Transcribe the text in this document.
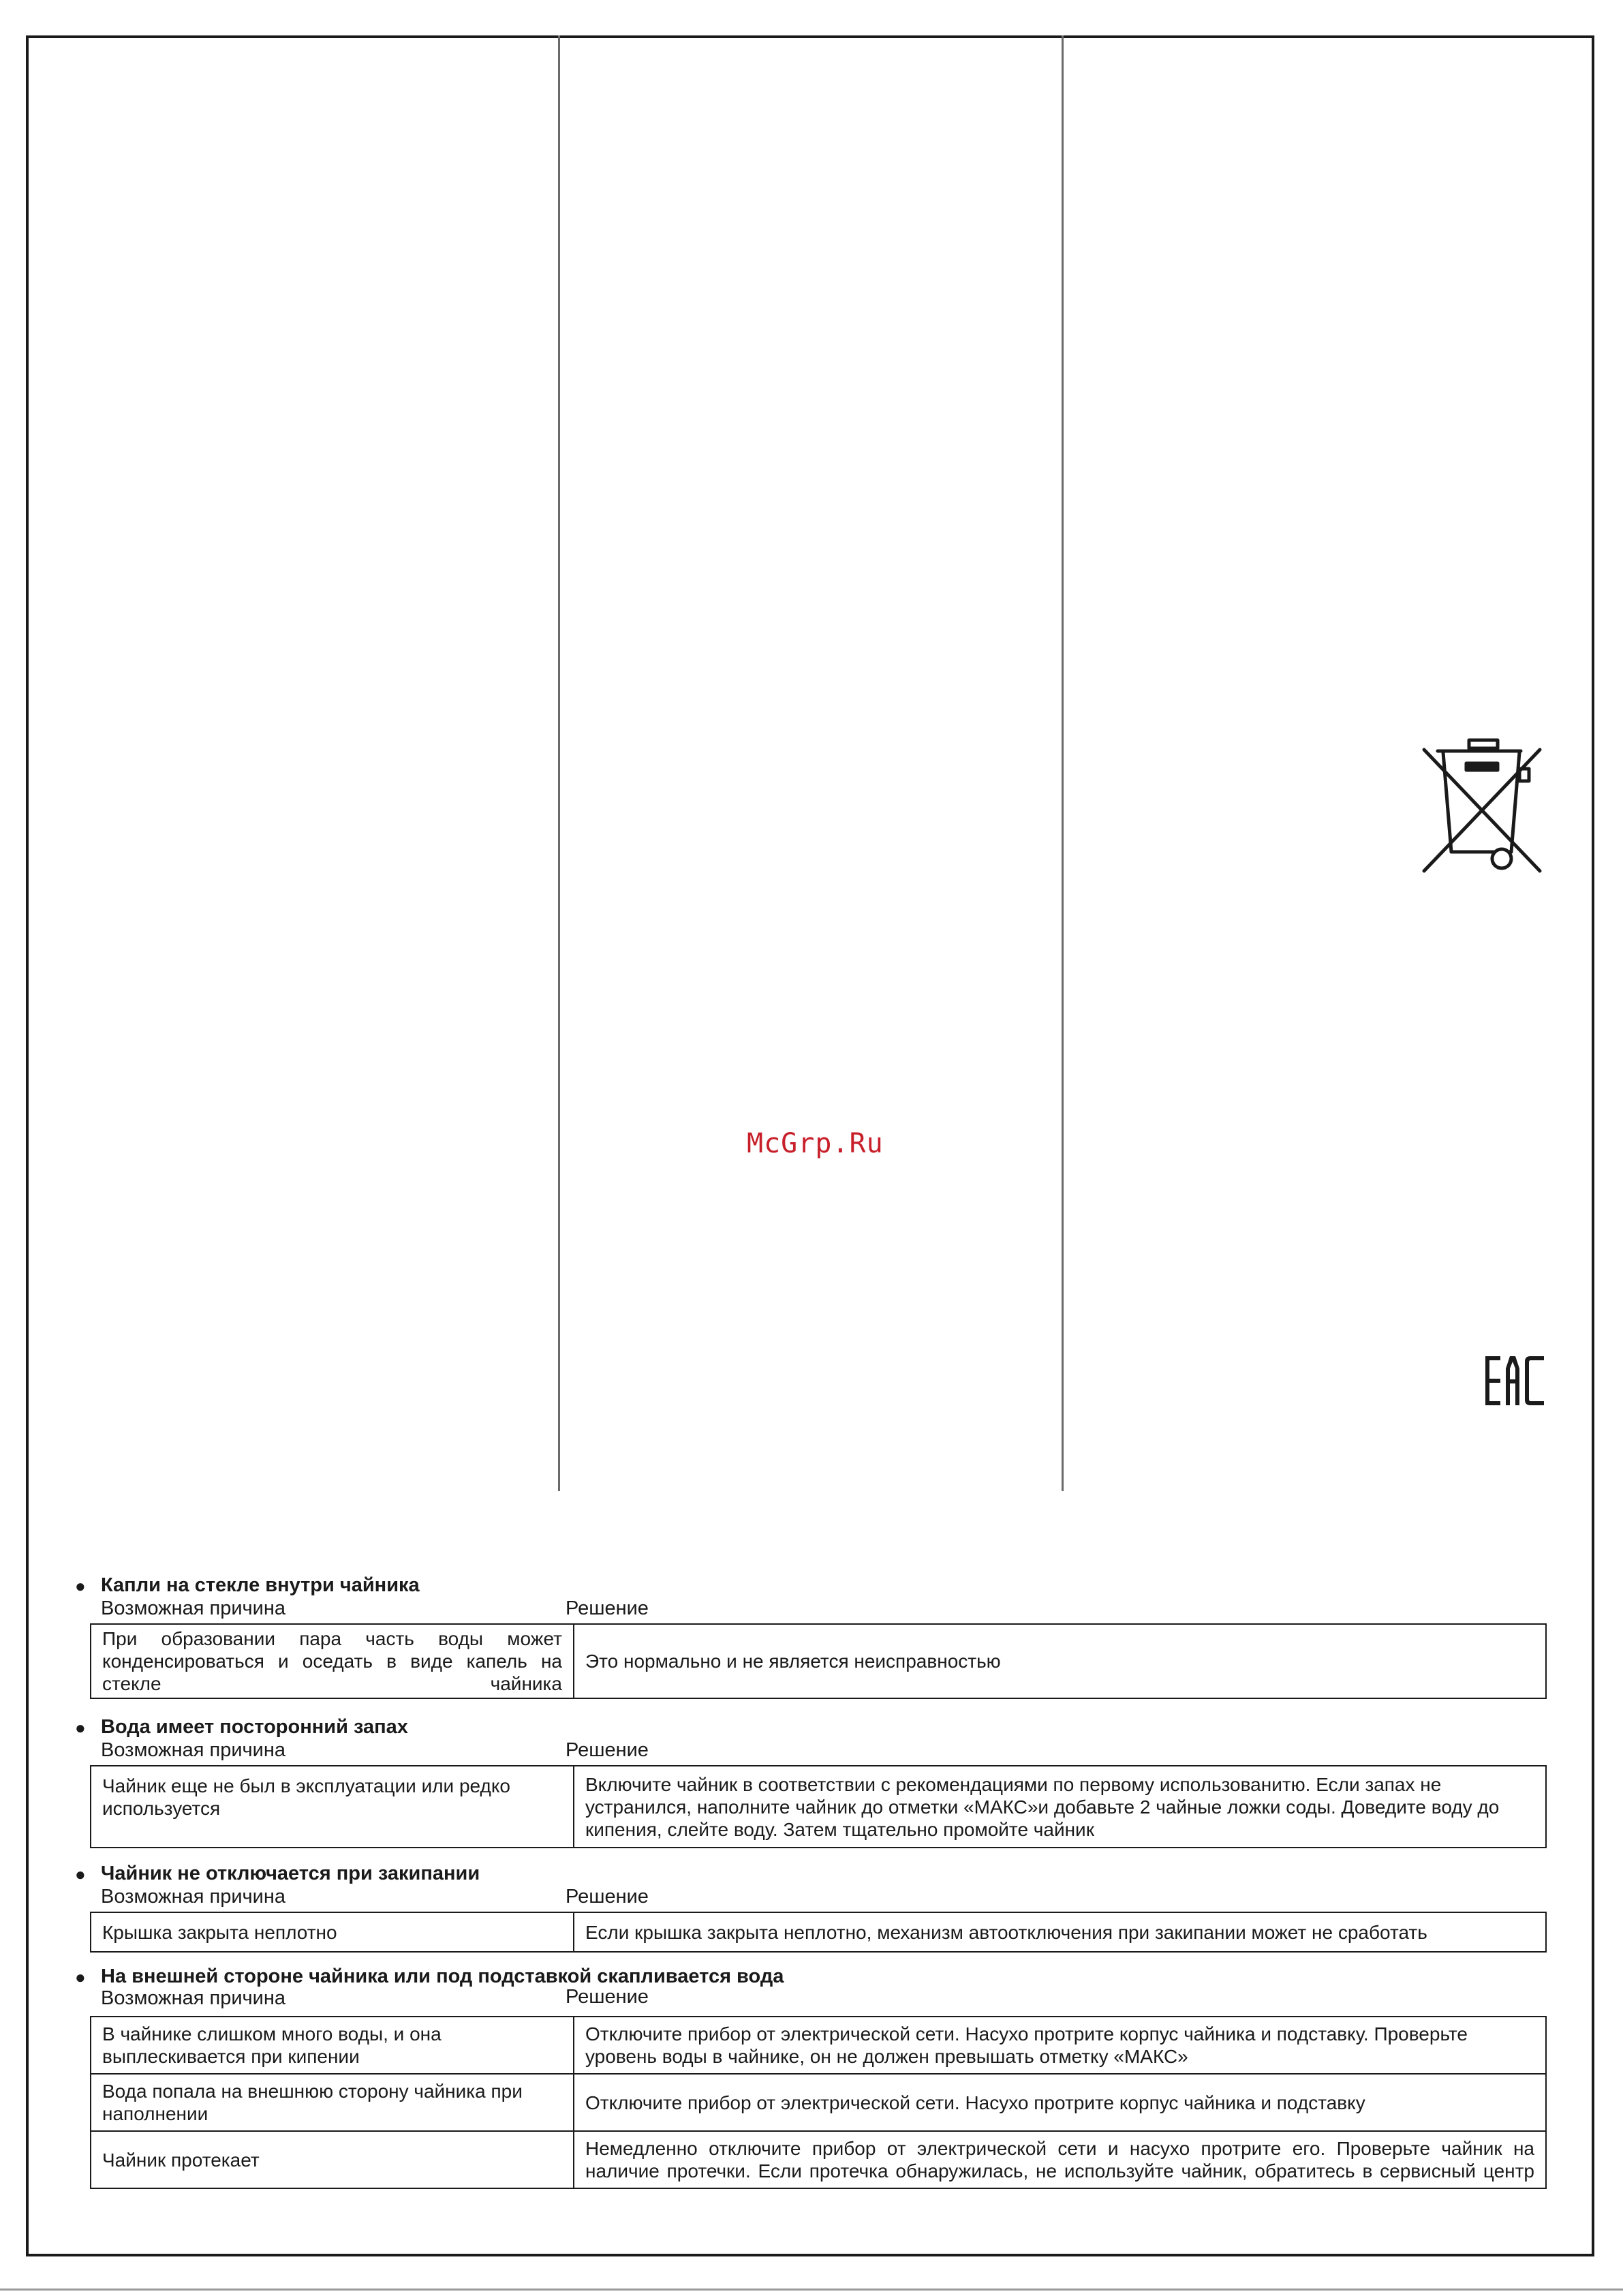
McGrp.Ru
● Капли на стекле внутри чайника
Возможная причина	Решение
При образовании пара часть воды может конденсироваться и оседать в виде капель на стекле чайника	Это нормально и не является неисправностью
● Вода имеет посторонний запах
Возможная причина	Решение
Чайник еще не был в эксплуатации или редко используется	Включите чайник в соответствии с рекомендациями по первому использованитю. Если запах не устранился, наполните чайник до отметки «МАКС»и добавьте 2 чайные ложки соды. Доведите воду до кипения, слейте воду. Затем тщательно промойте чайник
● Чайник не отключается при закипании
Возможная причина	Решение
Крышка закрыта неплотно	Если крышка закрыта неплотно, механизм автоотключения при закипании может не сработать
● На внешней стороне чайника или под подставкой скапливается вода
Возможная причина	Решение
В чайнике слишком много воды, и она выплескивается при кипении	Отключите прибор от электрической сети. Насухо протрите корпус чайника и подставку. Проверьте уровень воды в чайнике, он не должен превышать отметку «МАКС»
Вода попала на внешнюю сторону чайника при наполнении	Отключите прибор от электрической сети. Насухо протрите корпус чайника и подставку
Чайник протекает	Немедленно отключите прибор от электрической сети и насухо протрите его. Проверьте чайник на наличие протечки. Если протечка обнаружилась, не используйте чайник, обратитесь в сервисный центр
